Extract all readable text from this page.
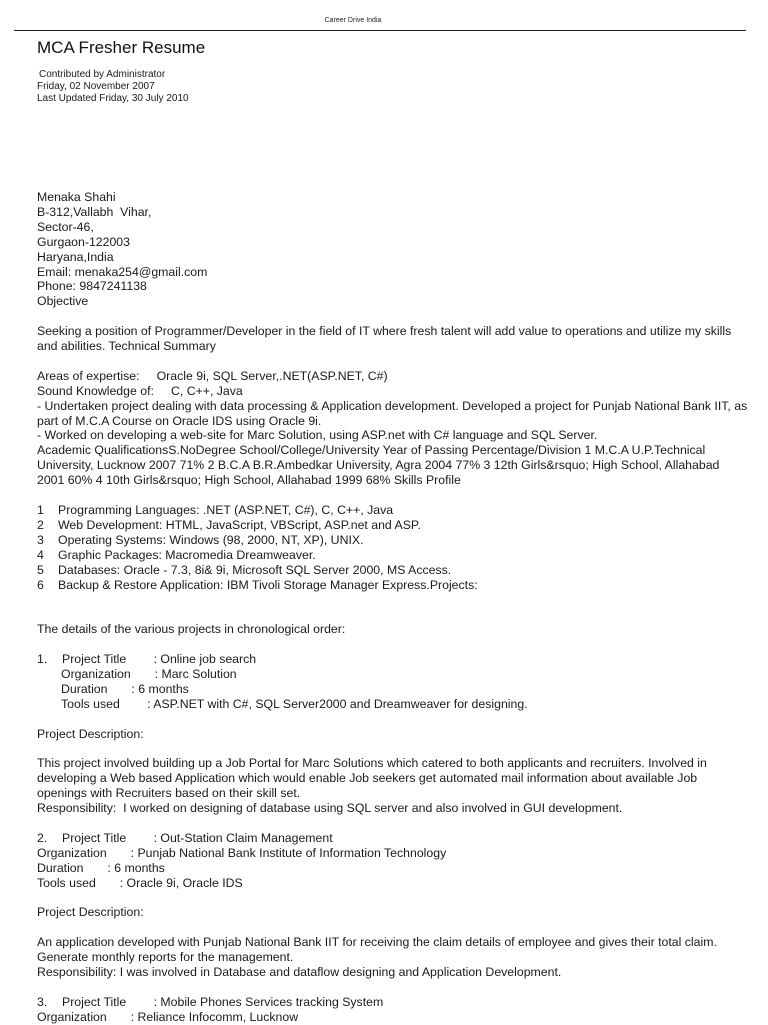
Career Drive India
MCA Fresher Resume
Contributed by Administrator
Friday, 02 November 2007
Last Updated Friday, 30 July 2010
Menaka Shahi
B-312,Vallabh  Vihar,
Sector-46,
Gurgaon-122003
Haryana,India
Email: menaka254@gmail.com
Phone: 9847241138
Objective
Seeking a position of Programmer/Developer in the field of IT where fresh talent will add value to operations and utilize my skills and abilities. Technical Summary
Areas of expertise:     Oracle 9i, SQL Server,.NET(ASP.NET, C#)
Sound Knowledge of:     C, C++, Java
- Undertaken project dealing with data processing & Application development. Developed a project for Punjab National Bank IIT, as part of M.C.A Course on Oracle IDS using Oracle 9i.
- Worked on developing a web-site for Marc Solution, using ASP.net with C# language and SQL Server.
Academic QualificationsS.NoDegree School/College/University Year of Passing Percentage/Division 1 M.C.A U.P.Technical University, Lucknow 2007 71% 2 B.C.A B.R.Ambedkar University, Agra 2004 77% 3 12th Girls&rsquo; High School, Allahabad 2001 60% 4 10th Girls&rsquo; High School, Allahabad 1999 68% Skills Profile
1 Programming Languages: .NET (ASP.NET, C#), C, C++, Java
2 Web Development: HTML, JavaScript, VBScript, ASP.net and ASP.
3 Operating Systems: Windows (98, 2000, NT, XP), UNIX.
4 Graphic Packages: Macromedia Dreamweaver.
5 Databases: Oracle - 7.3, 8i& 9i, Microsoft SQL Server 2000, MS Access.
6 Backup & Restore Application: IBM Tivoli Storage Manager Express.Projects:
The details of the various projects in chronological order:
1. Project Title        : Online job search
Organization       : Marc Solution
Duration       : 6 months
Tools used        : ASP.NET with C#, SQL Server2000 and Dreamweaver for designing.
Project Description:
This project involved building up a Job Portal for Marc Solutions which catered to both applicants and recruiters. Involved in developing a Web based Application which would enable Job seekers get automated mail information about available Job openings with Recruiters based on their skill set.
Responsibility:  I worked on designing of database using SQL server and also involved in GUI development.
2. Project Title        : Out-Station Claim Management
Organization       : Punjab National Bank Institute of Information Technology
Duration       : 6 months
Tools used       : Oracle 9i, Oracle IDS
Project Description:
An application developed with Punjab National Bank IIT for receiving the claim details of employee and gives their total claim. Generate monthly reports for the management.
Responsibility: I was involved in Database and dataflow designing and Application Development.
3. Project Title        : Mobile Phones Services tracking System
Organization       : Reliance Infocomm, Lucknow
